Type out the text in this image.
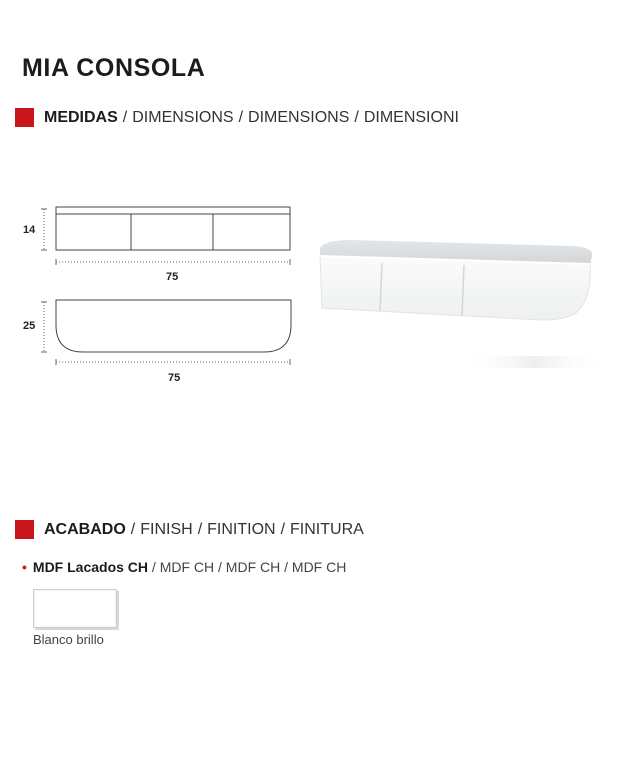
MIA CONSOLA
MEDIDAS / DIMENSIONS / DIMENSIONS / DIMENSIONI
14
75
25
75
ACABADO / FINISH / FINITION / FINITURA
• MDF Lacados CH / MDF CH / MDF CH / MDF CH
Blanco brillo
